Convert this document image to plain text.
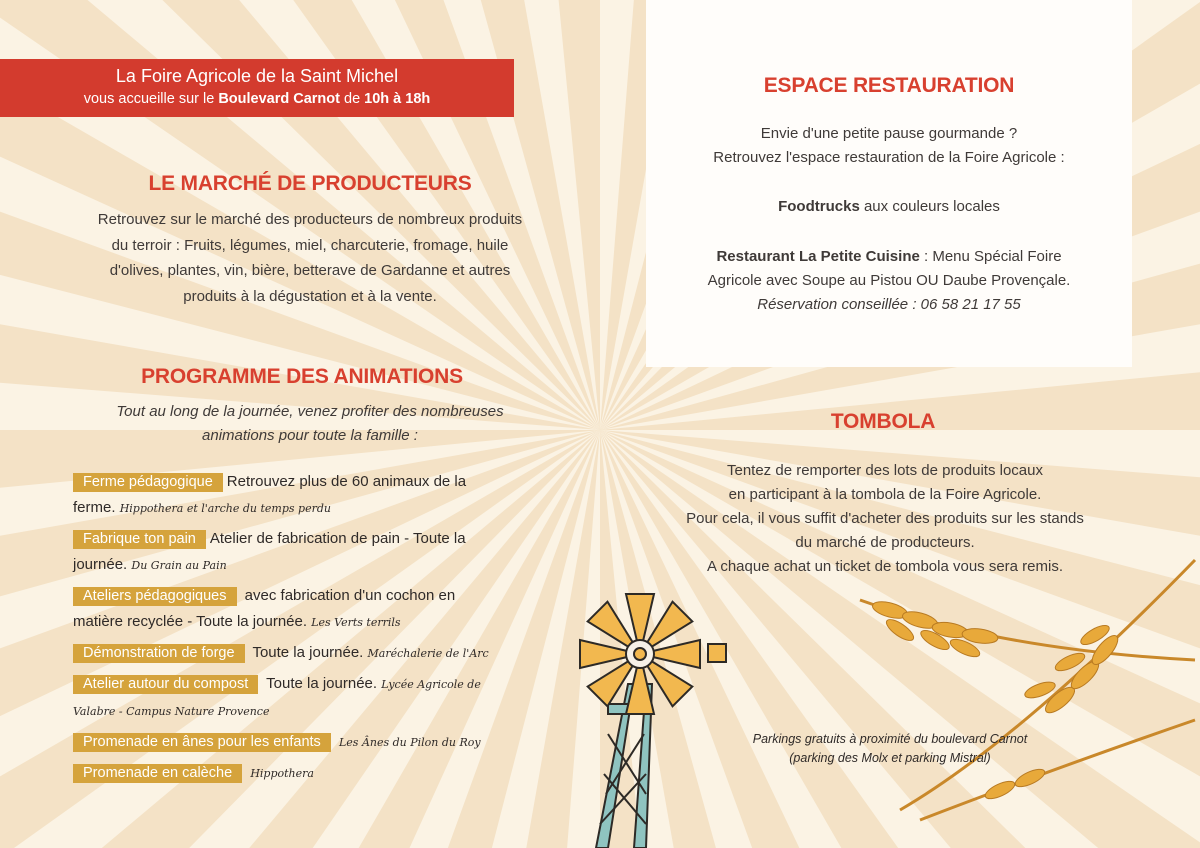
La Foire Agricole de la Saint Michel
vous accueille sur le Boulevard Carnot de 10h à 18h
LE MARCHÉ DE PRODUCTEURS
Retrouvez sur le marché des producteurs de nombreux produits
du terroir : Fruits, légumes, miel, charcuterie, fromage, huile
d'olives, plantes, vin, bière, betterave de Gardanne et autres
produits à la dégustation et à la vente.
PROGRAMME DES ANIMATIONS
Tout au long de la journée, venez profiter des nombreuses
animations pour toute la famille :
Ferme pédagogique Retrouvez plus de 60 animaux de la
ferme. Hippothera et l'arche du temps perdu
Fabrique ton pain Atelier de fabrication de pain - Toute la
journée. Du Grain au Pain
Ateliers pédagogiques avec fabrication d'un cochon en
matière recyclée - Toute la journée. Les Verts terrils
Démonstration de forge Toute la journée. Maréchalerie de l'Arc
Atelier autour du compost Toute la journée. Lycée Agricole de
Valabre - Campus Nature Provence
Promenade en ânes pour les enfants Les Ânes du Pilon du Roy
Promenade en calèche Hippothera
ESPACE RESTAURATION
Envie d'une petite pause gourmande ?
Retrouvez l'espace restauration de la Foire Agricole :
Foodtrucks aux couleurs locales
Restaurant La Petite Cuisine : Menu Spécial Foire
Agricole avec Soupe au Pistou OU Daube Provençale.
Réservation conseillée : 06 58 21 17 55
TOMBOLA
Tentez de remporter des lots de produits locaux
en participant à la tombola de la Foire Agricole.
Pour cela, il vous suffit d'acheter des produits sur les stands
du marché de producteurs.
A chaque achat un ticket de tombola vous sera remis.
Parkings gratuits à proximité du boulevard Carnot
(parking des Molx et parking Mistral)
